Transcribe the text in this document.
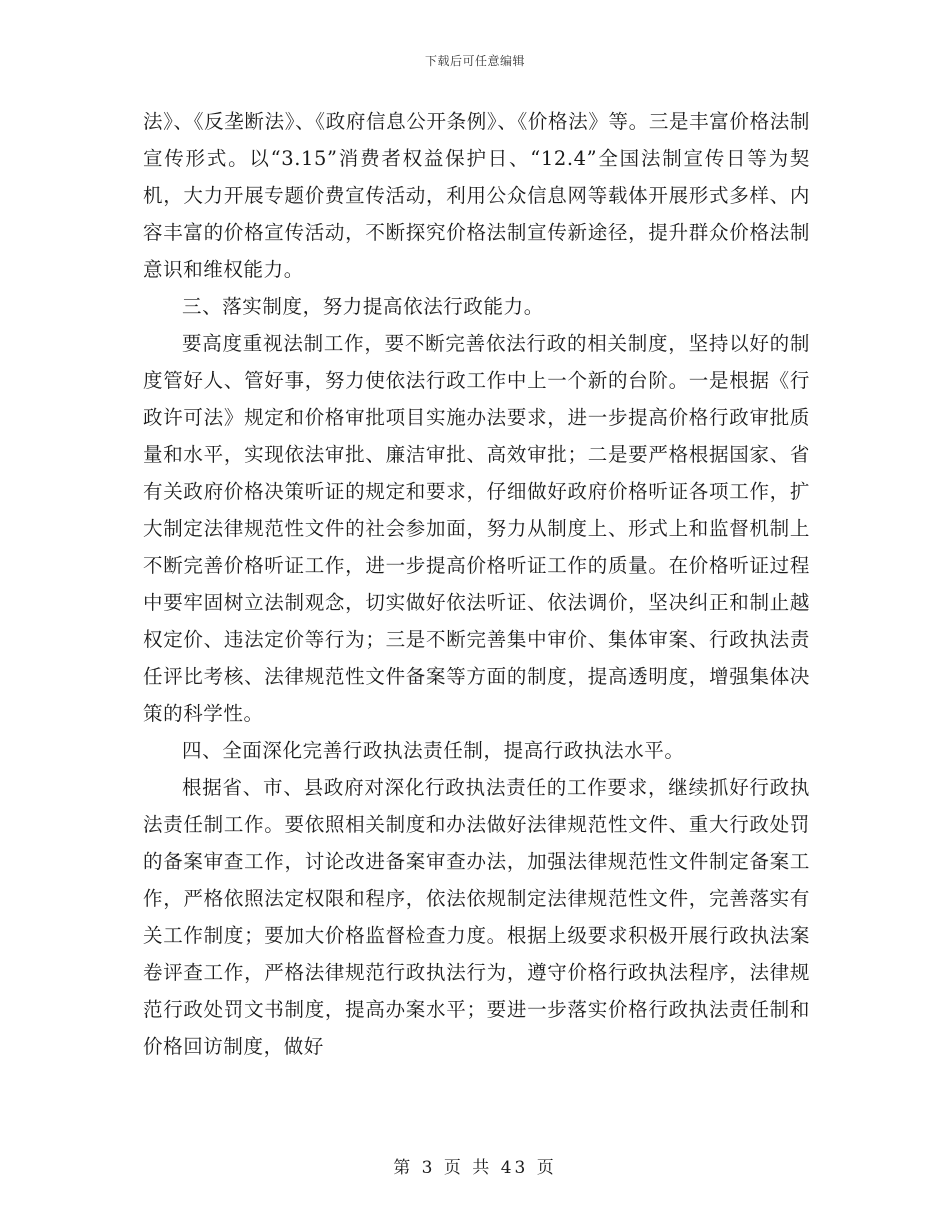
下载后可任意编辑

法》、《反垄断法》、《政府信息公开条例》、《价格法》等。三是丰富价格法制宣传形式。以“3.15”消费者权益保护日、“12.4”全国法制宣传日等为契机，大力开展专题价费宣传活动，利用公众信息网等载体开展形式多样、内容丰富的价格宣传活动，不断探究价格法制宣传新途径，提升群众价格法制意识和维权能力。

三、落实制度，努力提高依法行政能力。

要高度重视法制工作，要不断完善依法行政的相关制度，坚持以好的制度管好人、管好事，努力使依法行政工作中上一个新的台阶。一是根据《行政许可法》规定和价格审批项目实施办法要求，进一步提高价格行政审批质量和水平，实现依法审批、廉洁审批、高效审批；二是要严格根据国家、省有关政府价格决策听证的规定和要求，仔细做好政府价格听证各项工作，扩大制定法律规范性文件的社会参加面，努力从制度上、形式上和监督机制上不断完善价格听证工作，进一步提高价格听证工作的质量。在价格听证过程中要牢固树立法制观念，切实做好依法听证、依法调价，坚决纠正和制止越权定价、违法定价等行为；三是不断完善集中审价、集体审案、行政执法责任评比考核、法律规范性文件备案等方面的制度，提高透明度，增强集体决策的科学性。

四、全面深化完善行政执法责任制，提高行政执法水平。

根据省、市、县政府对深化行政执法责任的工作要求，继续抓好行政执法责任制工作。要依照相关制度和办法做好法律规范性文件、重大行政处罚的备案审查工作，讨论改进备案审查办法，加强法律规范性文件制定备案工作，严格依照法定权限和程序，依法依规制定法律规范性文件，完善落实有关工作制度；要加大价格监督检查力度。根据上级要求积极开展行政执法案卷评查工作，严格法律规范行政执法行为，遵守价格行政执法程序，法律规范行政处罚文书制度，提高办案水平；要进一步落实价格行政执法责任制和价格回访制度，做好

第 3 页 共 43 页
